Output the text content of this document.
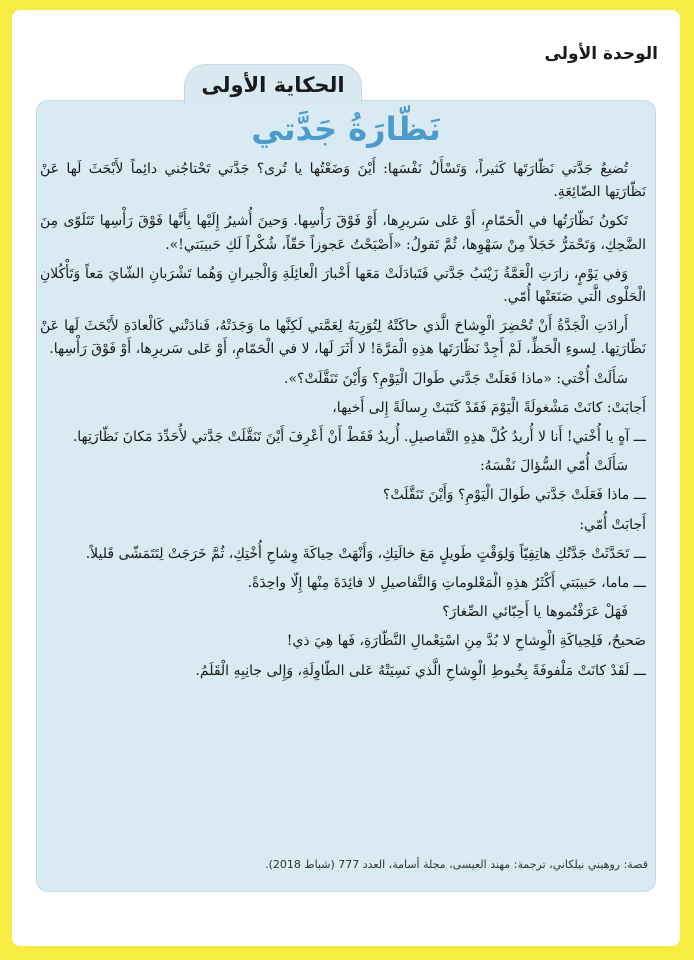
الوحدة الأولى
الحكاية الأولى
نَظّارَةُ جَدَّتي

تُضيعُ جَدَّتي نَظّارَتَها كَثيراً، وَتَسْأَلُ نَفْسَها: أَيْنَ وَضَعْتُها يا تُرى؟ جَدَّتي تَحْتاجُني دائِماً لأَبْحَثَ لَها عَنْ نَظّارَتِها الضّائِعَةِ.

تَكونُ نَظّارَتُها في الْحَمّامِ، أَوْ عَلى سَريرِها، أَوْ فَوْقَ رَأْسِها. وَحينَ أُشيرُ إِلَيْها بِأَنَّها فَوْقَ رَأْسِها تَتَلَوّى مِنَ الضَّحِكِ، وَتَحْمَرُّ خَجَلاً مِنْ سَهْوِها، ثُمَّ تَقولُ: «أَصْبَحْتُ عَجوزاً حَقّاً، شُكْراً لَكِ حَبيبَتي!».

وَفي يَوْمٍ، زارَتِ الْعَمَّةُ زَيْنَبُ جَدَّتي فَتَبادَلَتْ مَعَها أَخْبارَ الْعائِلَةِ وَالْجيرانِ وَهُما تَشْرَبانِ الشّايَ مَعاً وَتَأْكُلانِ الْحَلْوى الَّتي صَنَعَتْها أُمّي.

أَرادَتِ الْجَدَّةُ أَنْ تُحْضِرَ الْوِشاحَ الَّذي حاكَتْهُ لِتُوَرِيَهُ لِعَمَّتي لَكِنَّها ما وَجَدَتْهُ، فَنادَتْني كَالْعادَةِ لأَبْحَثَ لَها عَنْ نَظّارَتِها. لِسوءِ الْحَظِّ، لَمْ أَجِدْ نَظّارَتَها هذِهِ الْمَرَّةَ! لا أَثَرَ لَها، لا في الْحَمّامِ، أَوْ عَلى سَريرِها، أَوْ فَوْقَ رَأْسِها.

سَأَلَتْ أُخْتي: «ماذا فَعَلَتْ جَدَّتي طَوالَ الْيَوْمِ؟ وَأَيْنَ تَنَقَّلَتْ؟».

أَجابَتْ: كانَتْ مَشْغولَةً الْيَوْمَ فَقَدْ كَتَبَتْ رِسالَةً إِلى أَخيها،

ـــ آهٍ يا أُخْتي! أَنا لا أُريدُ كُلَّ هذِهِ التَّفاصيلِ. أُريدُ فَقَطْ أَنْ أَعْرِفَ أَيْنَ تَنَقَّلَتْ جَدَّتي لأُحَدِّدَ مَكانَ نَظّارَتِها.

سَأَلَتْ أُمّي السُّؤالَ نَفْسَهُ:

ـــ ماذا فَعَلَتْ جَدَّتي طَوالَ الْيَوْمِ؟ وَأَيْنَ تَنَقَّلَتْ؟

أَجابَتْ أُمّي:

ـــ تَحَدَّثَتْ جَدَّتُكِ هاتِفِيّاً وَلِوَقْتٍ طَويلٍ مَعَ خالَتِكِ، وَأَنْهَتْ حِياكَةَ وِشاحِ أُخْتِكِ، ثُمَّ خَرَجَتْ لِتَتَمَشّى قَليلاً.

ـــ ماما، حَبيبَتي أَكْثَرُ هذِهِ الْمَعْلوماتِ وَالتَّفاصيلِ لا فائِدَةَ مِنْها إِلّا واحِدَةً.

فَهَلْ عَرَفْتُموها يا أَحِبّائي الصِّغارَ؟

صَحيحٌ، فَلِحِياكَةِ الْوِشاحِ لا بُدَّ مِنِ اسْتِعْمالِ النَّظّارَةِ، فَها هِيَ ذي!

ـــ لَقَدْ كانَتْ مَلْفوفَةً بِخُيوطِ الْوِشاحِ الَّذي نَسِيَتْهُ عَلى الطّاوِلَةِ، وَإِلى جانِبِهِ الْقَلَمُ.

قصة: روهيني نيلكاني، ترجمة: مهند العيسى، مجلة أسامة، العدد 777 (شباط 2018).
